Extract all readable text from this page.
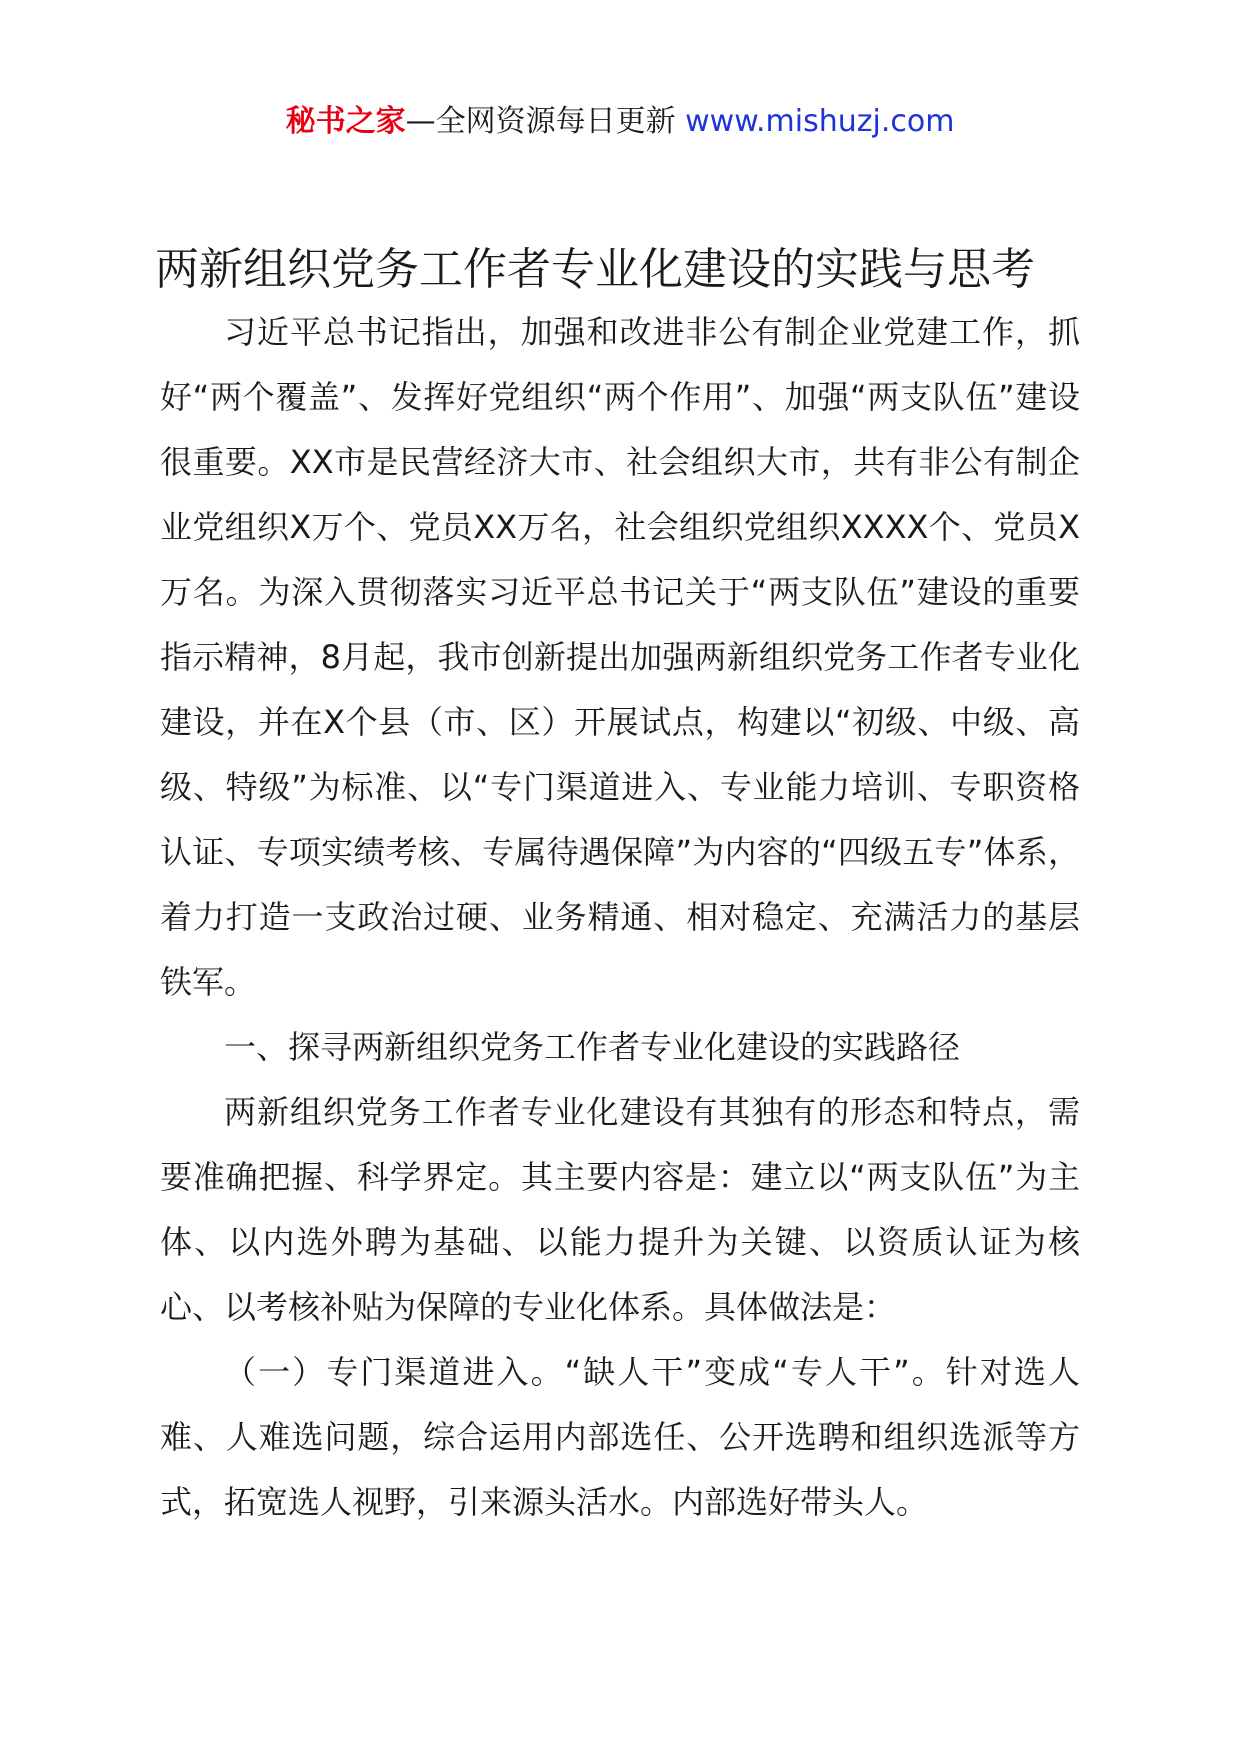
秘书之家—全网资源每日更新 www.mishuzj.com
两新组织党务工作者专业化建设的实践与思考

习近平总书记指出，加强和改进非公有制企业党建工作，抓好“两个覆盖”、发挥好党组织“两个作用”、加强“两支队伍”建设很重要。XX市是民营经济大市、社会组织大市，共有非公有制企业党组织X万个、党员XX万名，社会组织党组织XXXX个、党员X万名。为深入贯彻落实习近平总书记关于“两支队伍”建设的重要指示精神，8月起，我市创新提出加强两新组织党务工作者专业化建设，并在X个县（市、区）开展试点，构建以“初级、中级、高级、特级”为标准、以“专门渠道进入、专业能力培训、专职资格认证、专项实绩考核、专属待遇保障”为内容的“四级五专”体系，着力打造一支政治过硬、业务精通、相对稳定、充满活力的基层铁军。

一、探寻两新组织党务工作者专业化建设的实践路径

两新组织党务工作者专业化建设有其独有的形态和特点，需要准确把握、科学界定。其主要内容是：建立以“两支队伍”为主体、以内选外聘为基础、以能力提升为关键、以资质认证为核心、以考核补贴为保障的专业化体系。具体做法是：

（一）专门渠道进入。“缺人干”变成“专人干”。针对选人难、人难选问题，综合运用内部选任、公开选聘和组织选派等方式，拓宽选人视野，引来源头活水。内部选好带头人。
